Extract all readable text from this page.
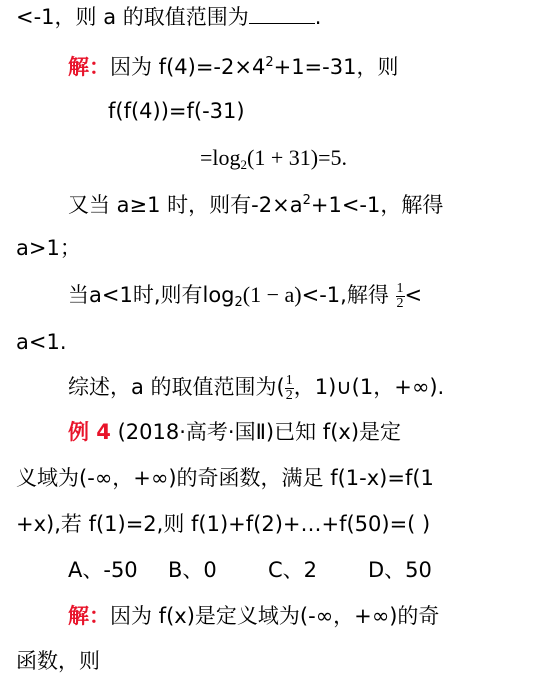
<-1，则 a 的取值范围为	.
解：因为 $f(4)=-2\times 4^2+1=-31$，则
f(f(4))=f(-31)
$=\log_2(1 + 31)=5$.
又当 a≥1 时，则有$-2\times a^2+1<-1$，解得
a>1；
当a<1时,则有$\log_2(1 - a)<-1$,解得 $\frac{1}{2}$ <
a<1.
综述，a 的取值范围为( $\frac{1}{2}$ ，1)∪(1，+∞).
例 4 (2018·高考·国Ⅱ)已知 f(x)是定
义域为(-∞，+∞)的奇函数，满足 f(1-x)=f(1
+x),若 f(1)=2,则 f(1)+f(2)+…+f(50)=( )
A、-50 B、0 C、2 D、50
解：因为 f(x)是定义域为(-∞，+∞)的奇
函数，则
